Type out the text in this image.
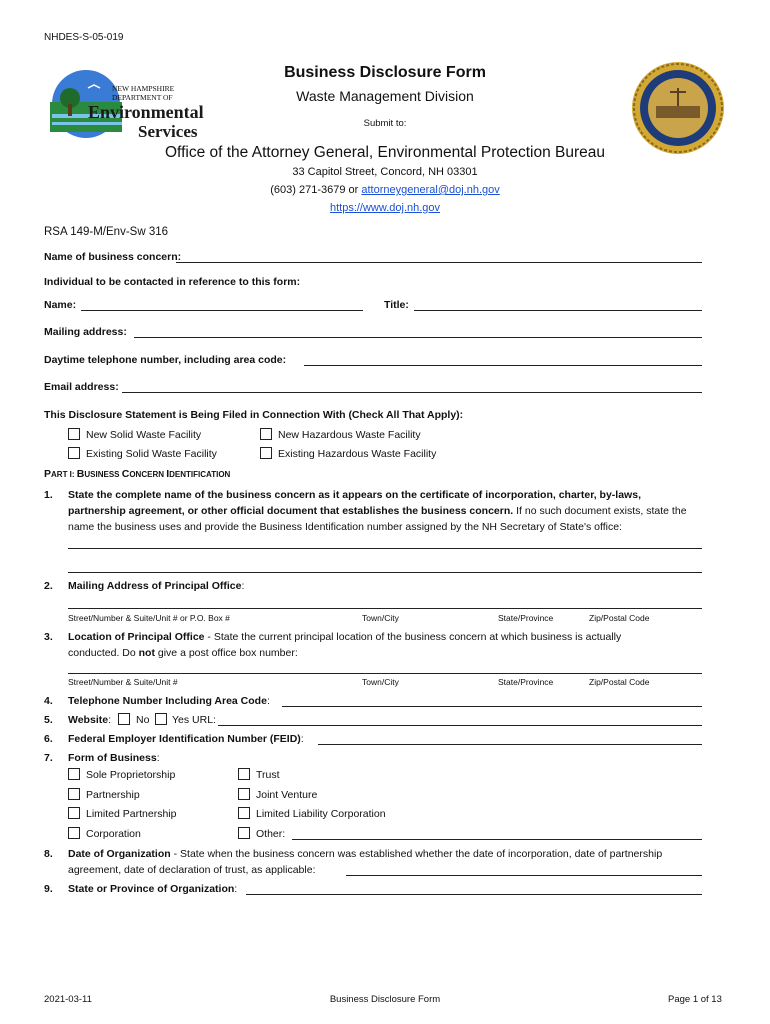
NHDES-S-05-019
NEW HAMPSHIRE
DEPARTMENT OF
Environmental
Services
Business Disclosure Form
Waste Management Division
Submit to:
Office of the Attorney General, Environmental Protection Bureau
33 Capitol Street, Concord, NH 03301
(603) 271-3679 or attorneygeneral@doj.nh.gov
https://www.doj.nh.gov
RSA 149-M/Env-Sw 316
Name of business concern:
Individual to be contacted in reference to this form:
Name:	Title:
Mailing address:
Daytime telephone number, including area code:
Email address:
This Disclosure Statement is Being Filed in Connection With (Check All That Apply):
New Solid Waste Facility	New Hazardous Waste Facility
Existing Solid Waste Facility	Existing Hazardous Waste Facility
PART I: BUSINESS CONCERN IDENTIFICATION
1. State the complete name of the business concern as it appears on the certificate of incorporation, charter, by-laws,
partnership agreement, or other official document that establishes the business concern. If no such document exists, state the
name the business uses and provide the Business Identification number assigned by the NH Secretary of State's office:
2. Mailing Address of Principal Office:
Street/Number & Suite/Unit # or P.O. Box #	Town/City	State/Province	Zip/Postal Code
3. Location of Principal Office - State the current principal location of the business concern at which business is actually
conducted. Do not give a post office box number:
Street/Number & Suite/Unit #	Town/City	State/Province	Zip/Postal Code
4. Telephone Number Including Area Code:
5. Website: No Yes URL:
6. Federal Employer Identification Number (FEID):
7. Form of Business:
Sole Proprietorship	Trust
Partnership	Joint Venture
Limited Partnership	Limited Liability Corporation
Corporation	Other:
8. Date of Organization - State when the business concern was established whether the date of incorporation, date of partnership
agreement, date of declaration of trust, as applicable:
9. State or Province of Organization:
2021-03-11	Business Disclosure Form	Page 1 of 13
